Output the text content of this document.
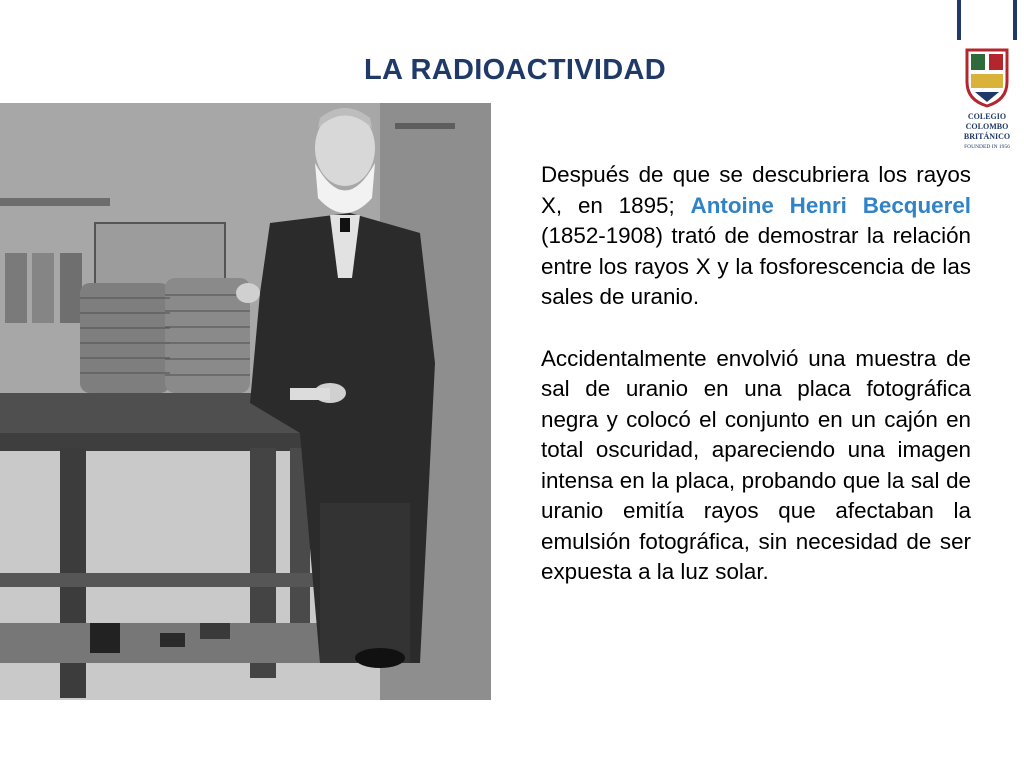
LA RADIOACTIVIDAD

Después de que se descubriera los rayos X, en 1895; Antoine Henri Becquerel (1852-1908) trató de demostrar la relación entre los rayos X y la fosforescencia de las sales de uranio.

Accidentalmente envolvió una muestra de sal de uranio en una placa fotográfica negra y colocó el conjunto en un cajón en total oscuridad, apareciendo una imagen intensa en la placa, probando que la sal de uranio emitía rayos que afectaban la emulsión fotográfica, sin necesidad de ser expuesta a la luz solar.

COLEGIO
COLOMBO
BRITÁNICO
FOUNDED IN 1956
